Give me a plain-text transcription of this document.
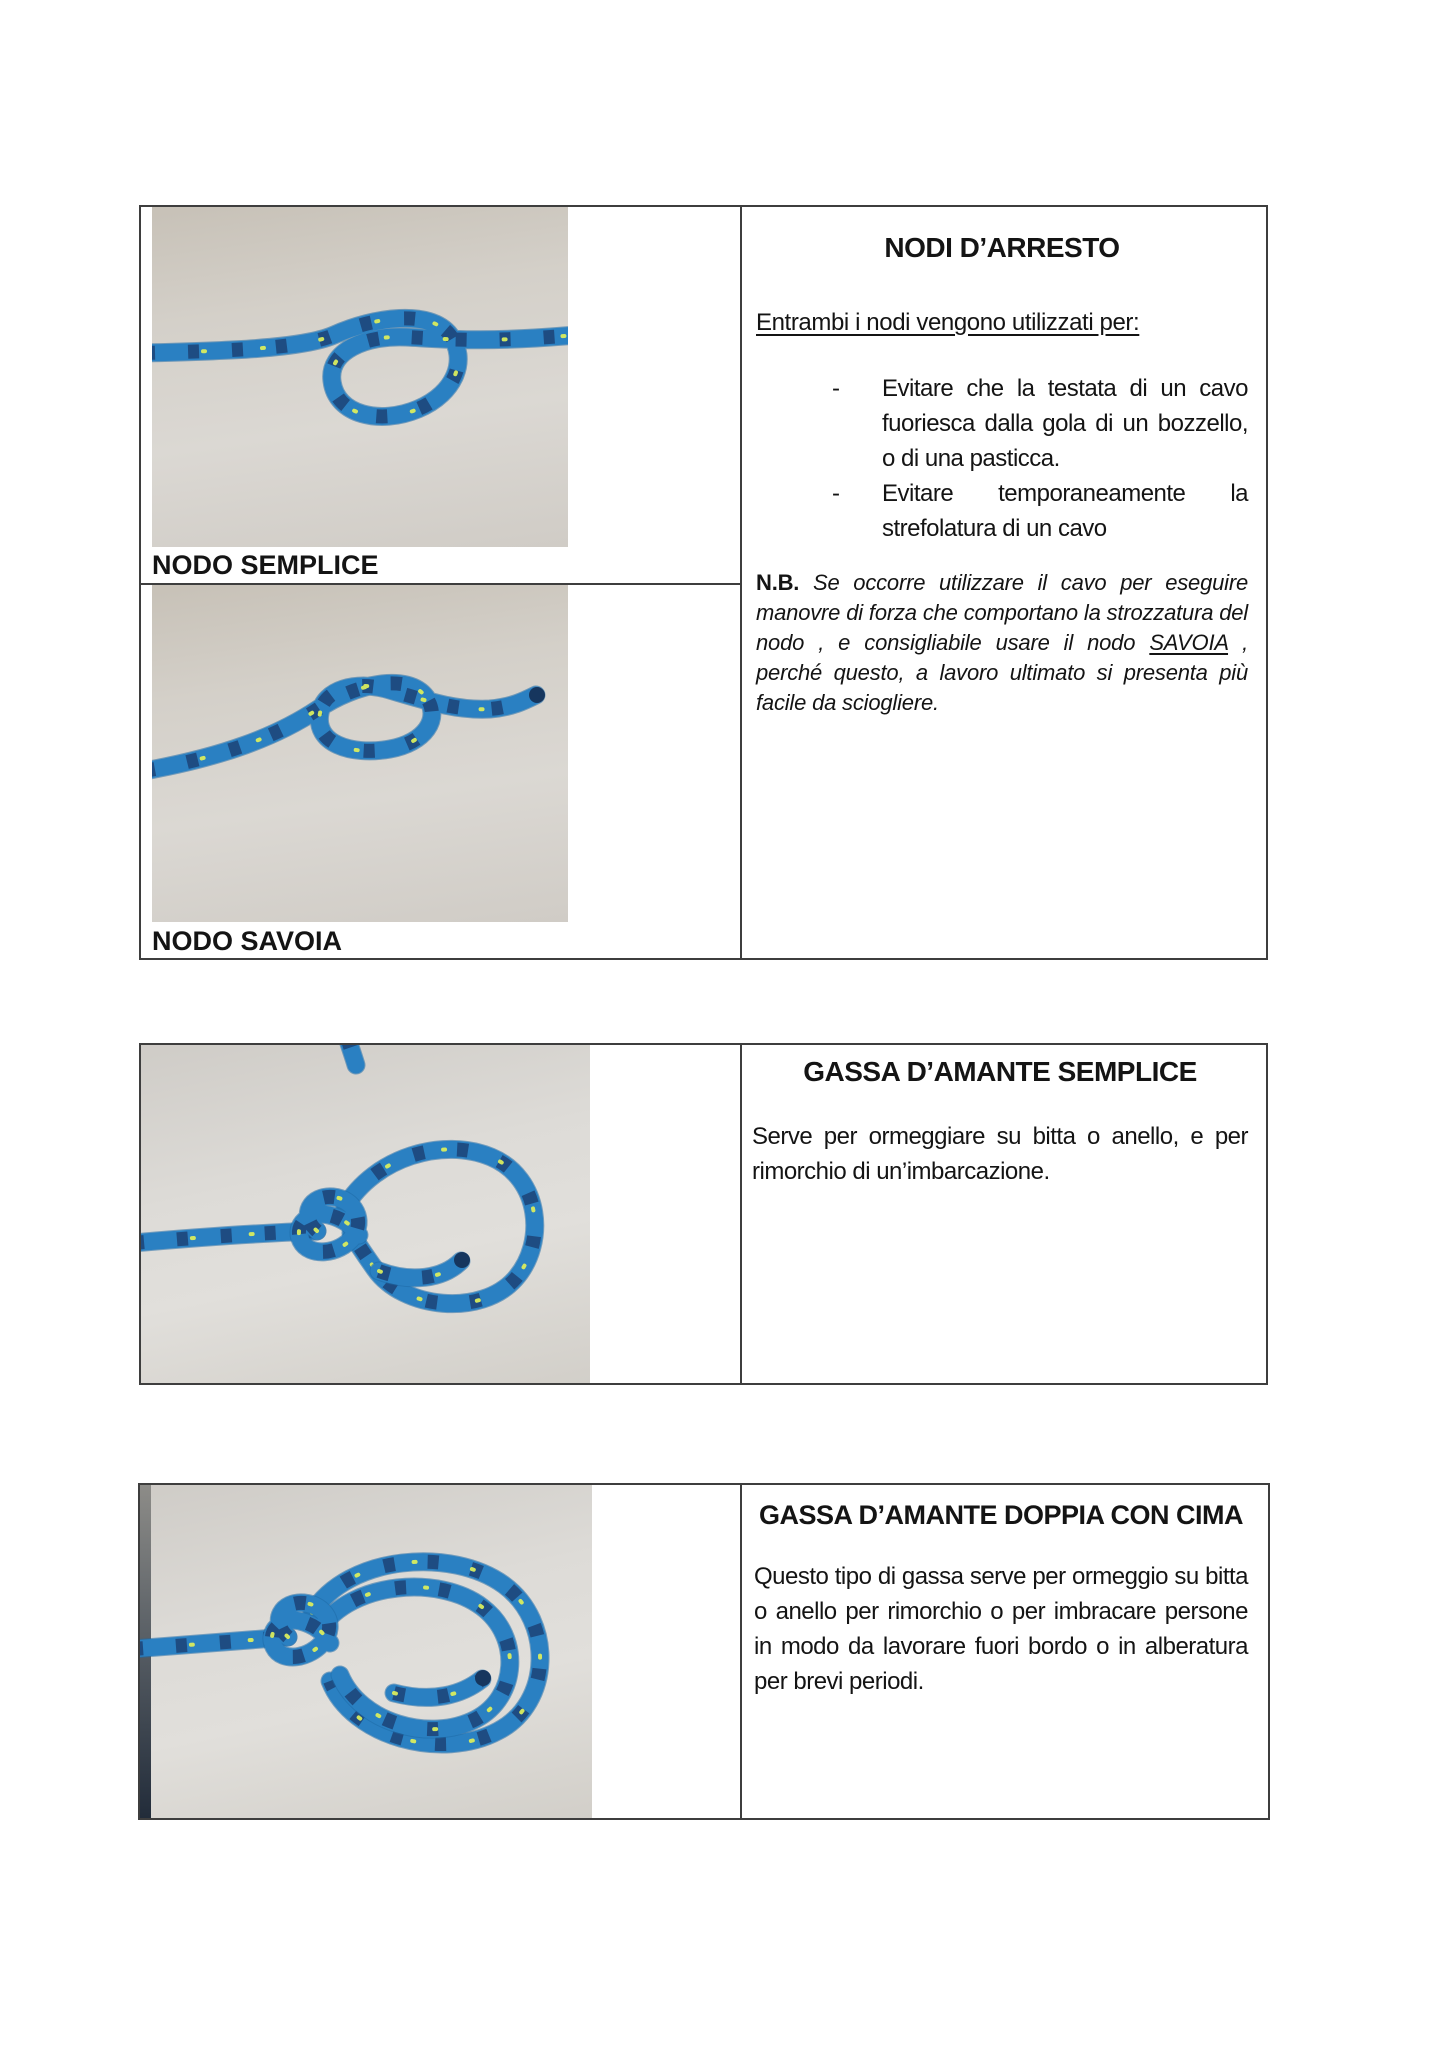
NODO SEMPLICE
NODO SAVOIA
NODI D’ARRESTO
Entrambi i nodi vengono utilizzati per:
-	Evitare che la testata di un cavo fuoriesca dalla gola di un bozzello, o di una pasticca.
-	Evitare temporaneamente la strefolatura di un cavo

N.B. Se occorre utilizzare il cavo per eseguire manovre di forza che comportano la strozzatura del nodo , e consigliabile usare il nodo SAVOIA , perché questo, a lavoro ultimato si presenta più facile da sciogliere.

GASSA D’AMANTE SEMPLICE

Serve per ormeggiare su bitta o anello, e per rimorchio di un’imbarcazione.

GASSA D’AMANTE DOPPIA CON CIMA

Questo tipo di gassa serve per ormeggio su bitta o anello per rimorchio o per imbracare persone in modo da lavorare fuori bordo o in alberatura per brevi periodi.
